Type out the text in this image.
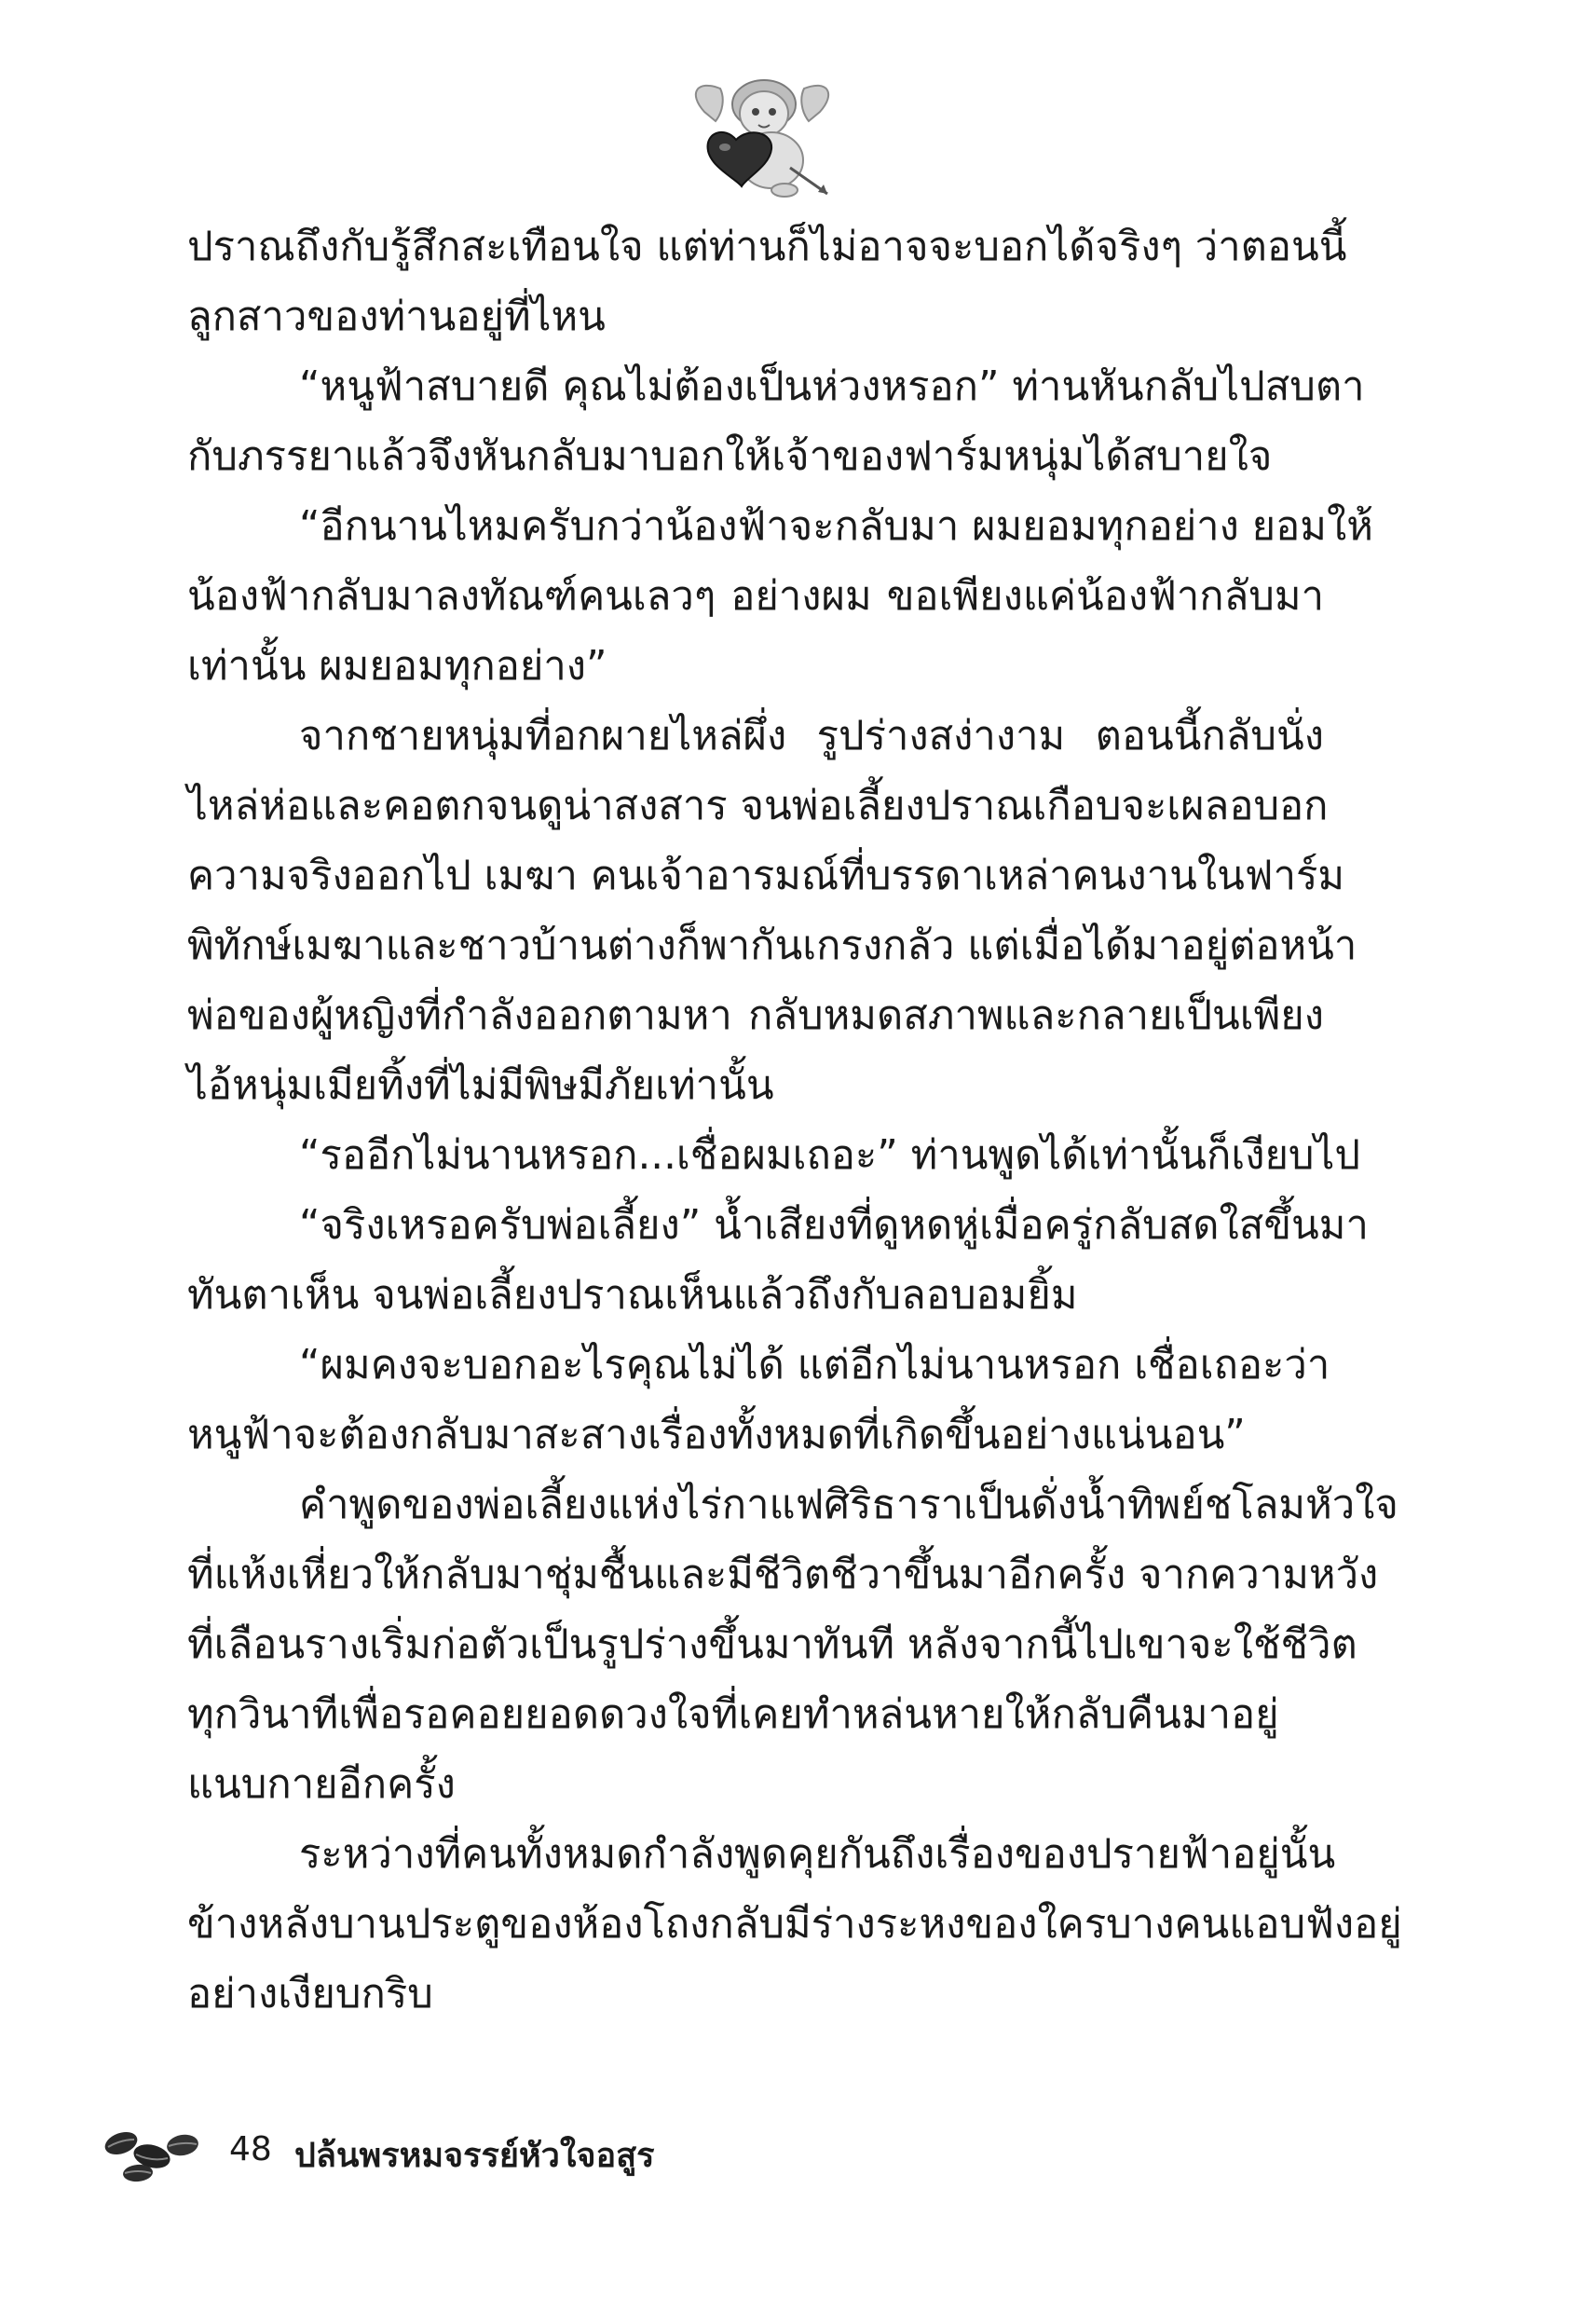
ปราณถึงกับรู้สึกสะเทือนใจ แต่ท่านก็ไม่อาจจะบอกได้จริงๆ ว่าตอนนี้
ลูกสาวของท่านอยู่ที่ไหน
“หนูฟ้าสบายดี คุณไม่ต้องเป็นห่วงหรอก” ท่านหันกลับไปสบตา
กับภรรยาแล้วจึงหันกลับมาบอกให้เจ้าของฟาร์มหนุ่มได้สบายใจ
“อีกนานไหมครับกว่าน้องฟ้าจะกลับมา ผมยอมทุกอย่าง ยอมให้
น้องฟ้ากลับมาลงทัณฑ์คนเลวๆ อย่างผม ขอเพียงแค่น้องฟ้ากลับมา
เท่านั้น ผมยอมทุกอย่าง”
จากชายหนุ่มที่อกผายไหล่ผึ่ง รูปร่างสง่างาม ตอนนี้กลับนั่ง
ไหล่ห่อและคอตกจนดูน่าสงสาร จนพ่อเลี้ยงปราณเกือบจะเผลอบอก
ความจริงออกไป เมฆา คนเจ้าอารมณ์ที่บรรดาเหล่าคนงานในฟาร์ม
พิทักษ์เมฆาและชาวบ้านต่างก็พากันเกรงกลัว แต่เมื่อได้มาอยู่ต่อหน้า
พ่อของผู้หญิงที่กำลังออกตามหา กลับหมดสภาพและกลายเป็นเพียง
ไอ้หนุ่มเมียทิ้งที่ไม่มีพิษมีภัยเท่านั้น
“รออีกไม่นานหรอก...เชื่อผมเถอะ” ท่านพูดได้เท่านั้นก็เงียบไป
“จริงเหรอครับพ่อเลี้ยง” น้ำเสียงที่ดูหดหู่เมื่อครู่กลับสดใสขึ้นมา
ทันตาเห็น จนพ่อเลี้ยงปราณเห็นแล้วถึงกับลอบอมยิ้ม
“ผมคงจะบอกอะไรคุณไม่ได้ แต่อีกไม่นานหรอก เชื่อเถอะว่า
หนูฟ้าจะต้องกลับมาสะสางเรื่องทั้งหมดที่เกิดขึ้นอย่างแน่นอน”
คำพูดของพ่อเลี้ยงแห่งไร่กาแฟศิริธาราเป็นดั่งน้ำทิพย์ชโลมหัวใจ
ที่แห้งเหี่ยวให้กลับมาชุ่มชื้นและมีชีวิตชีวาขึ้นมาอีกครั้ง จากความหวัง
ที่เลือนรางเริ่มก่อตัวเป็นรูปร่างขึ้นมาทันที หลังจากนี้ไปเขาจะใช้ชีวิต
ทุกวินาทีเพื่อรอคอยยอดดวงใจที่เคยทำหล่นหายให้กลับคืนมาอยู่
แนบกายอีกครั้ง
ระหว่างที่คนทั้งหมดกำลังพูดคุยกันถึงเรื่องของปรายฟ้าอยู่นั้น
ข้างหลังบานประตูของห้องโถงกลับมีร่างระหงของใครบางคนแอบฟังอยู่
อย่างเงียบกริบ
48 ปล้นพรหมจรรย์หัวใจอสูร
